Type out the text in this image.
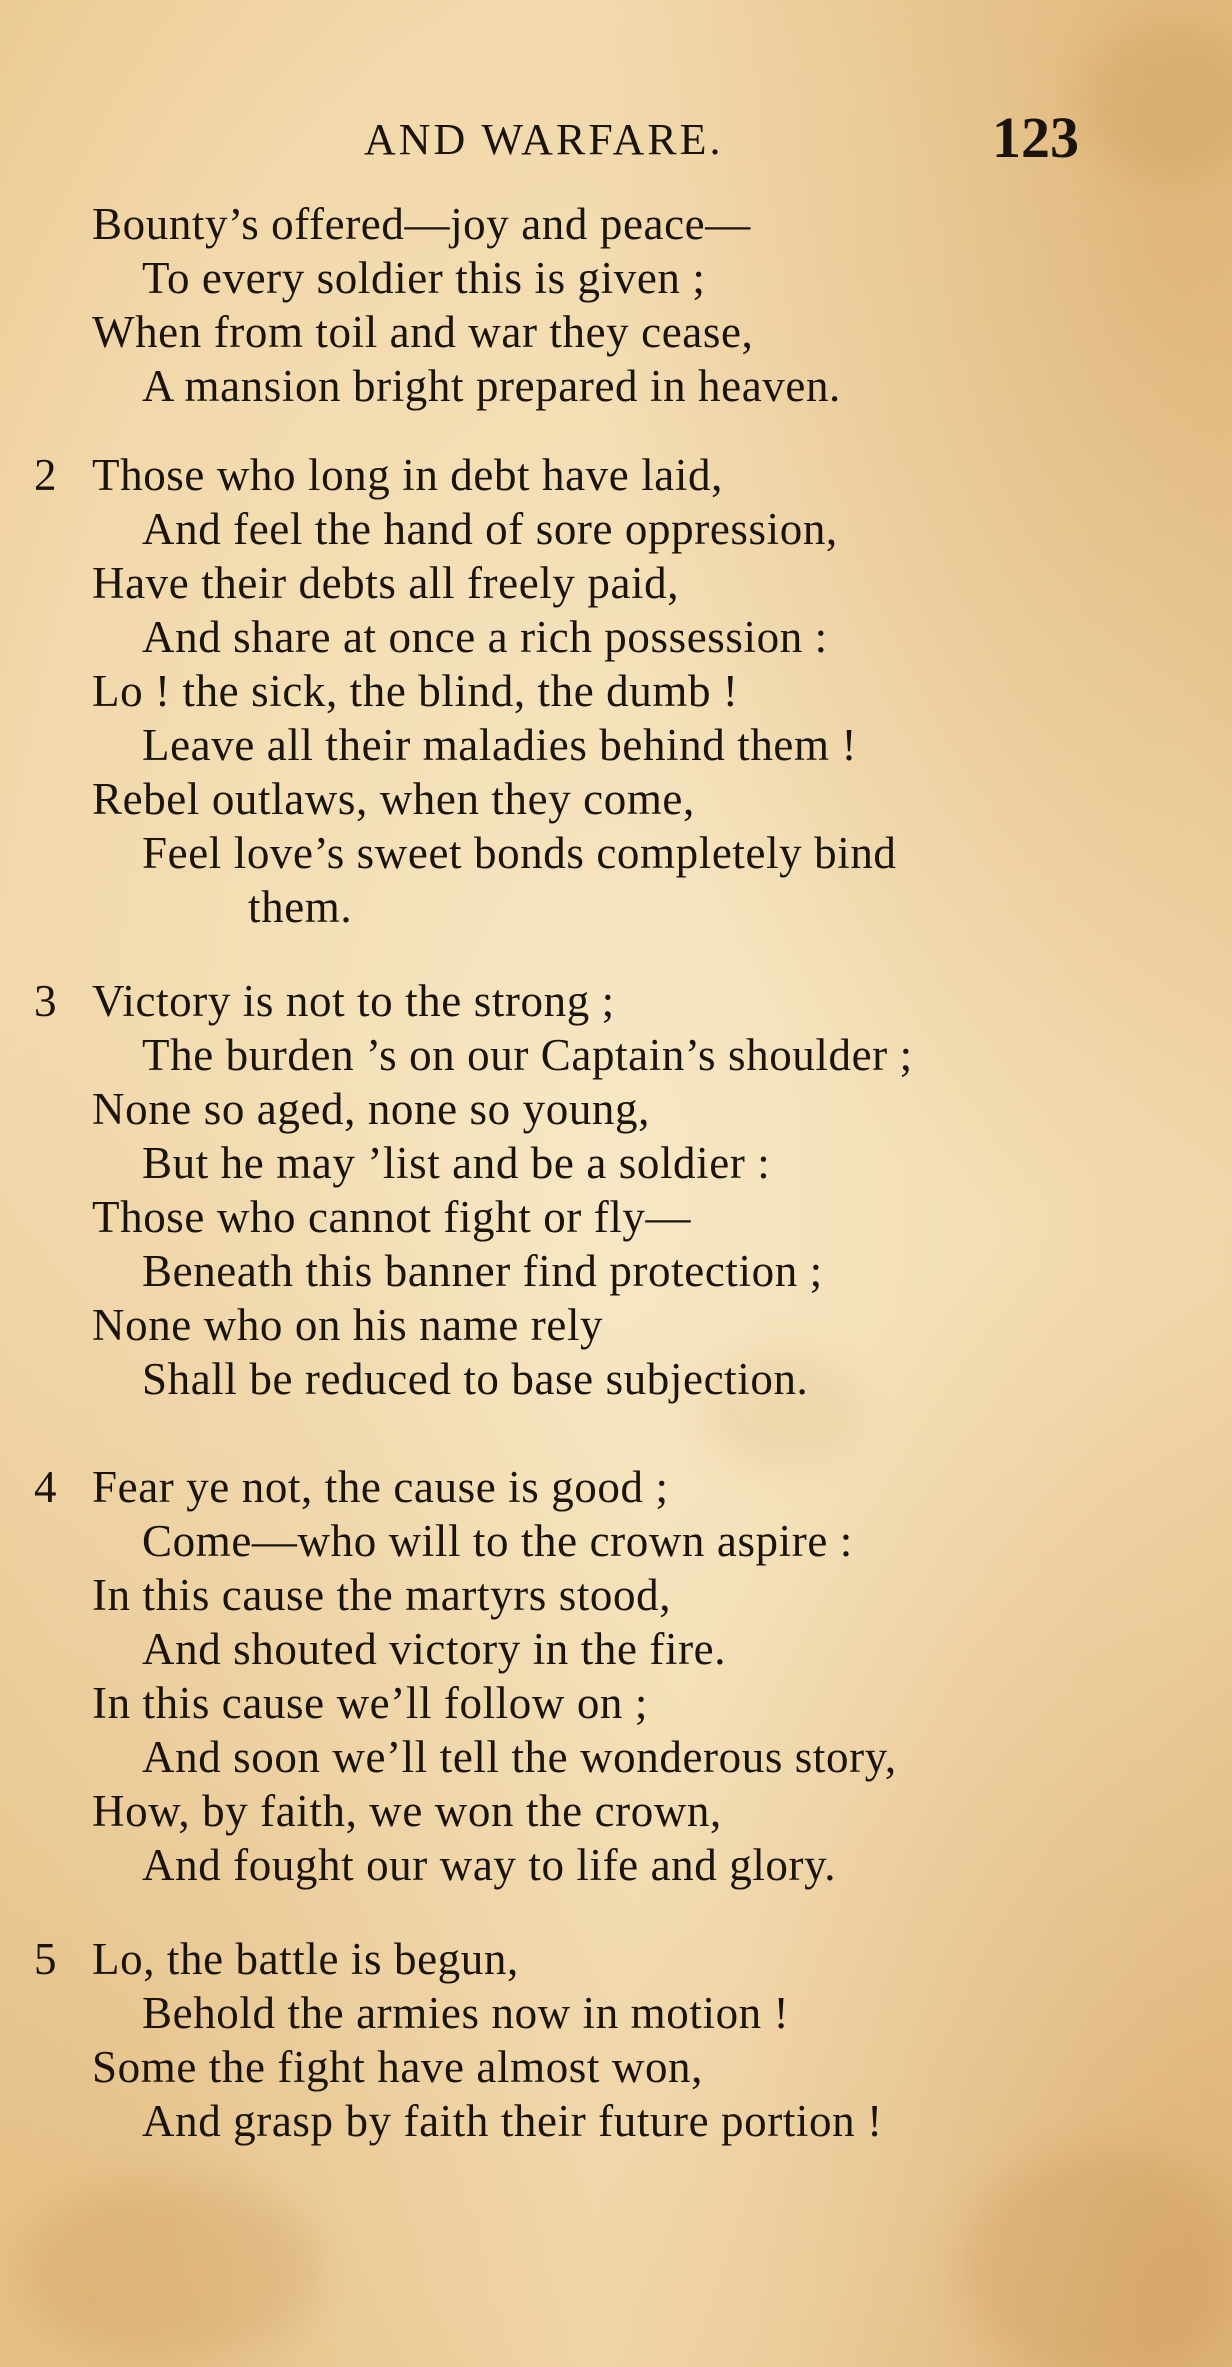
AND WARFARE.	123
Bounty’s offered—joy and peace—
To every soldier this is given ;
When from toil and war they cease,
A mansion bright prepared in heaven.
2 Those who long in debt have laid,
And feel the hand of sore oppression,
Have their debts all freely paid,
And share at once a rich possession :
Lo ! the sick, the blind, the dumb !
Leave all their maladies behind them !
Rebel outlaws, when they come,
Feel love’s sweet bonds completely bind
them.
3 Victory is not to the strong ;
The burden ’s on our Captain’s shoulder ;
None so aged, none so young,
But he may ’list and be a soldier :
Those who cannot fight or fly—
Beneath this banner find protection ;
None who on his name rely
Shall be reduced to base subjection.
4 Fear ye not, the cause is good ;
Come—who will to the crown aspire :
In this cause the martyrs stood,
And shouted victory in the fire.
In this cause we’ll follow on ;
And soon we’ll tell the wonderous story,
How, by faith, we won the crown,
And fought our way to life and glory.
5 Lo, the battle is begun,
Behold the armies now in motion !
Some the fight have almost won,
And grasp by faith their future portion !
